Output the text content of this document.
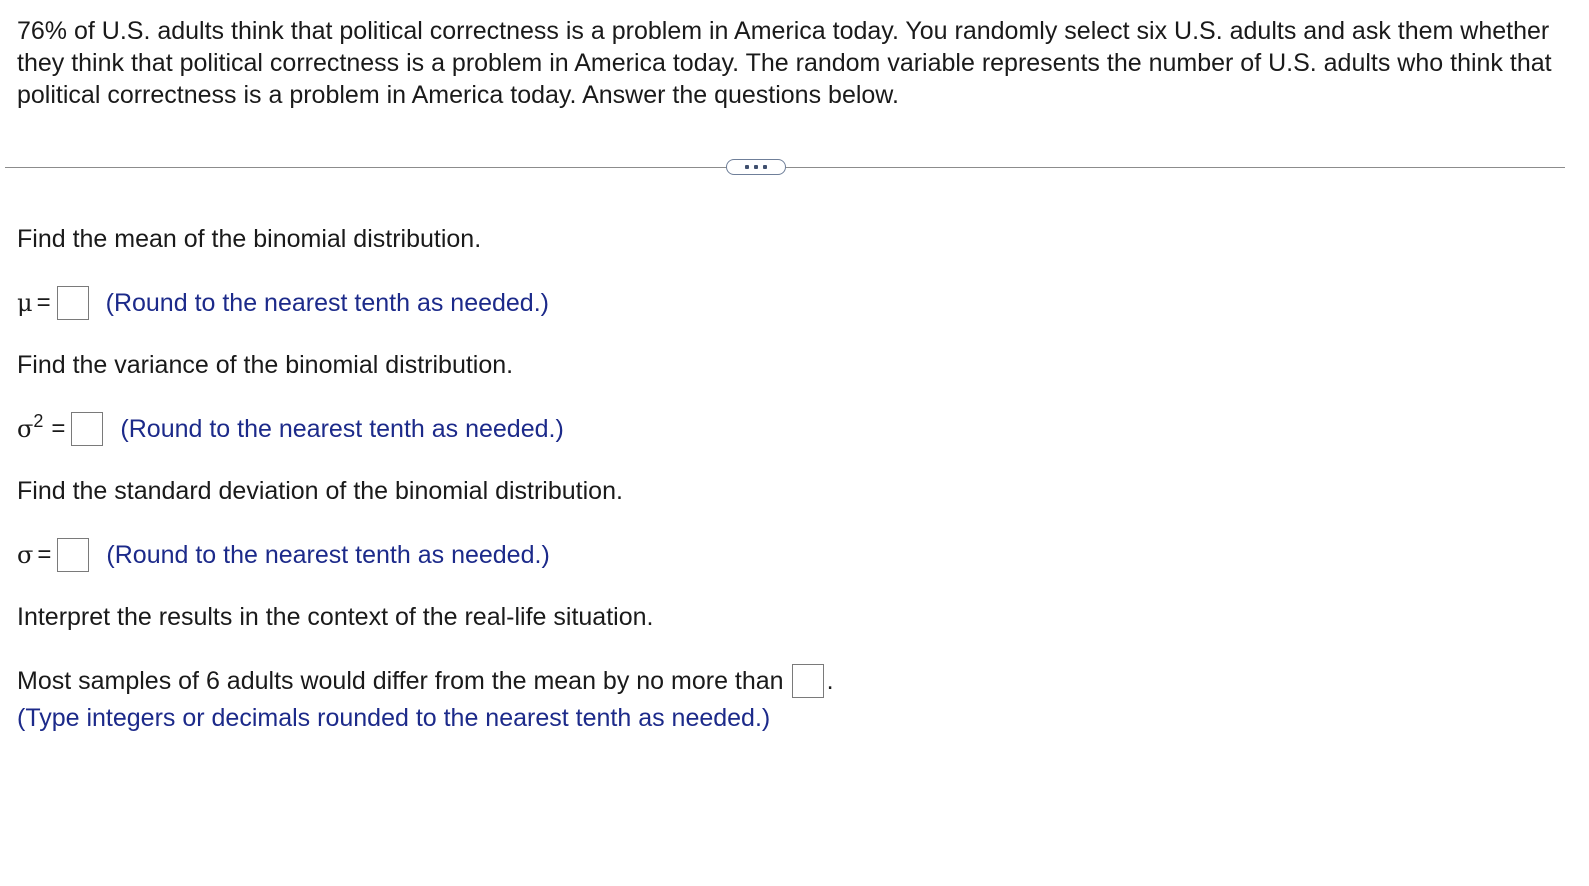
76% of U.S. adults think that political correctness is a problem in America today. You randomly select six U.S. adults and ask them whether they think that political correctness is a problem in America today. The random variable represents the number of U.S. adults who think that political correctness is a problem in America today. Answer the questions below.

Find the mean of the binomial distribution.

μ = (Round to the nearest tenth as needed.)

Find the variance of the binomial distribution.

$\sigma^2$ = (Round to the nearest tenth as needed.)

Find the standard deviation of the binomial distribution.

σ = (Round to the nearest tenth as needed.)

Interpret the results in the context of the real-life situation.

Most samples of 6 adults would differ from the mean by no more than .

(Type integers or decimals rounded to the nearest tenth as needed.)
